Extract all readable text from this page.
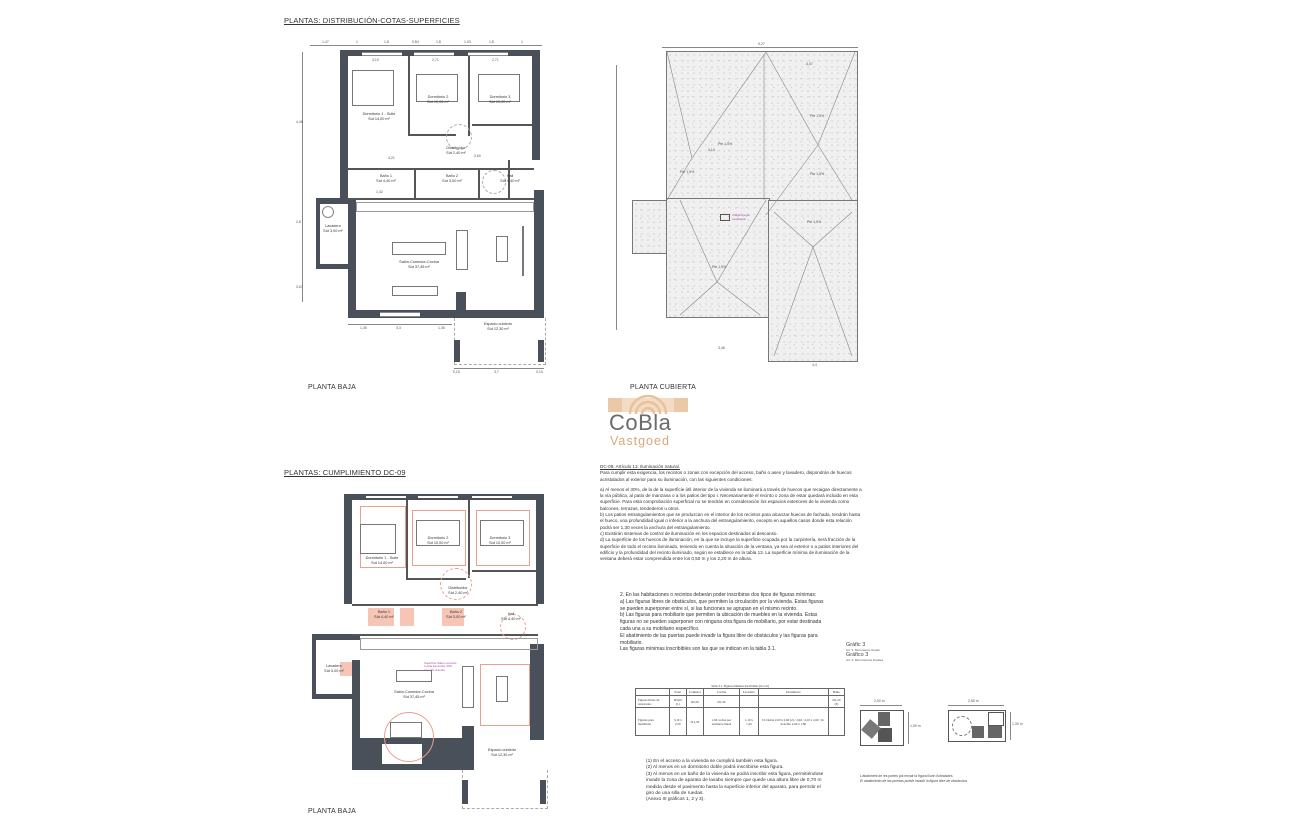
PLANTAS: DISTRIBUCIÓN-COTAS-SUPERFICIES
1,47	1	1,8	0,84	1,8	1,03	1,8	1
4,48
2,8
3,67
3,10	2,71	2,71
4,21	3,60
1,42
Dormitorio 1 - Suite
Sút 14,00 m²
Dormitorio 2
Sút 10,00 m²
Dormitorio 3
Sút 10,00 m²
Distribuidor
Sút 2,40 m²
Baño 1
Sút 4,40 m²
Baño 2
Sút 3,00 m²
Hall
Sút 4,40 m²
Lavadero
Sút 3,00 m²
Salón-Comedor-Cocina
Sút 37,45 m²
Espacio cubierto
Sút 12,30 m²
1,35	3,3	1,35
0,15	3,7	0,15
PLANTA BAJA
9,27
Pte 1,5%
Pte 1,5%
Pte 1,5%
Pte 1,5%
Pte 1,5%
Pte 1,5%
4,14
4,07
3,46
4,4
Claraboya de ventilación
PLANTA CUBIERTA
CoBla
Vastgoed
PLANTAS: CUMPLIMIENTO DC-09
Superficie Salón-comedor-cocina iluminada: 30% sup. útil vivienda
Dormitorio 1 - Suite
Sút 14,00 m²
Dormitorio 2
Sút 10,00 m²
Dormitorio 3
Sút 10,00 m²
Distribuidor
Sút 2,40 m²
Baño 1
Sút 4,40 m²
Baño 2
Sút 3,00 m²
Hall
Sút 4,40 m²
Lavadero
Sút 3,00 m²
Salón-Comedor-Cocina
Sút 37,45 m²
Espacio cubierto
Sút 12,30 m²
PLANTA BAJA

DC-09. Artículo 13. Iluminación natural.

Para cumplir esta exigencia, los recintos o zonas con excepción del acceso, baño o aseo y lavadero, dispondrán de huecos acristalados al exterior para su iluminación, con las siguientes condiciones:

a) Al menos el 30%, de la de la superficie útil interior de la vivienda se iluminará a través de huecos que recaigan directamente a la vía pública, al patio de manzana o a los patios del tipo I. Necesariamente el recinto o zona de estar quedará incluido en esta superficie. Para esta comprobación superficial no se tendrán en consideración los espacios exteriores de la vivienda como balcones, terrazas, tendederos u otros.

b) Los patios estrangulamientos que se produzcan en el interior de los recintos para alcanzar huecos de fachada, tendrán hasta el hueco, una profundidad igual o inferior a la anchura del estrangulamiento, excepto en aquellos casos donde esta relación podrá ser 1,30 veces la anchura del estrangulamiento.

c) Existirán sistemas de control de iluminación en los espacios destinados al descanso.

d) La superficie de los huecos de iluminación, en la que se incluye la superficie ocupada por la carpintería, será fracción de la superficie de todo el recinto iluminado, teniendo en cuenta la situación de la ventana, ya sea al exterior o a patios interiores del edificio y la profundidad del recinto iluminado, según se establece en la tabla 13. La superficie mínima de iluminación de la ventana deberá estar comprendida entre los 0,50 m y los 2,20 m de altura.

2. En las habitaciones o recintos deberán poder inscribirse dos tipos de figuras mínimas:

a) Las figuras libres de obstáculos, que permiten la circulación por la vivienda. Estas figuras se pueden superponer entre sí, si las funciones se agrupan en el mismo recinto.

b) Las figuras para mobiliario que permiten la ubicación de muebles en la vivienda. Estas figuras no se pueden superponer con ninguna otra figura de mobiliario, por estar destinada cada una a su mobiliario específico.

El abatimiento de las puertas puede invadir la figura libre de obstáculos y las figuras para mobiliario.

Las figuras mínimas inscribibles son las que se indican en la tabla 3.1.

Tabla 3.1. Figuras mínimas inscribibles (m x m)
	Estar	Comedor	Cocina	Lavadero	Dormitorio	Baño
Figuras libres de obstáculos	Ø3,00 (1)	Ø2,50	Ø1,20			Ø1,20 (3)
Figuras para mobiliario	3,10 x 2,50	Ø 2,50	1,60 cocina por encimera lineal	1,10 x 1,20	D. Doble 2,60 x 2,60 (2) / 2,60 / 4,10 x 2,60 ; D. Sencillo 2,00 x 1,80	

(1) En el acceso a la vivienda se cumplirá también esta figura.

(2) Al menos en un dormitorio doble podrá inscribirse esta figura.

(3) Al menos en un baño de la vivienda se podrá inscribir esta figura, permitiéndose invadir la zona de aparato de lavabo siempre que quede una altura libre de 0,70 m medida desde el pavimento hasta la superficie inferior del aparato, para permitir el giro de una silla de ruedas.

(Anexo III gráficos 1, 2 y 3).

Gràfic 3
Art. 3. Dimensions lineals
Gráfico 3
Art. 3. Dimensiones lineales
2,00 m
1,50 m
2,65 m
1,30 m
L'abatiment de les portes pot envair la figura lliure d'obstacles
El abatimiento de las puertas puede invadir la figura libre de obstáculos
